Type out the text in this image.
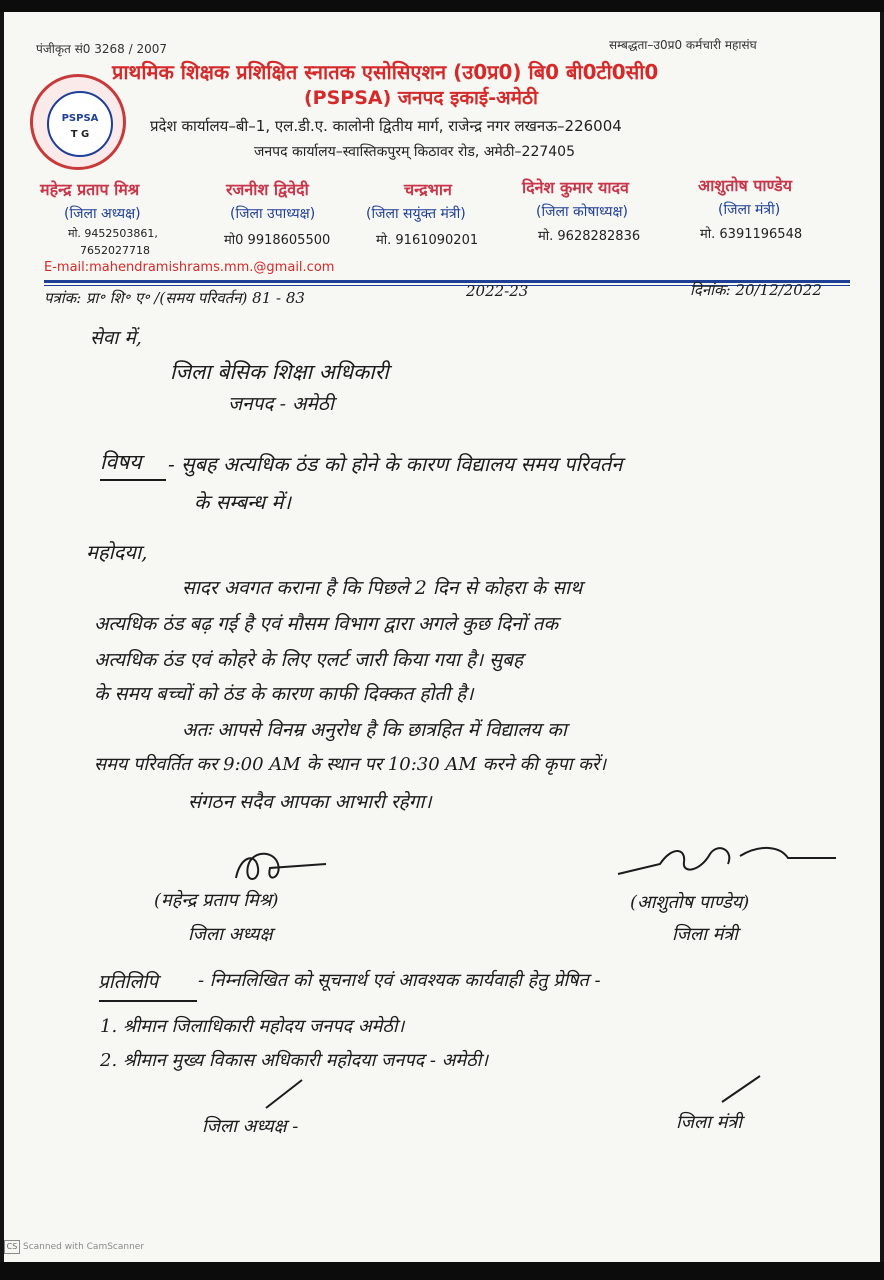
पंजीकृत सं0 3268 / 2007	सम्बद्धता–उ0प्र0 कर्मचारी महासंघ
प्राथमिक शिक्षक प्रशिक्षित स्नातक एसोसिएशन (उ0प्र0) बि0 बी0टी0सी0
(PSPSA) जनपद इकाई-अमेठी
PSPSA
T G	प्रदेश कार्यालय–बी–1, एल.डी.ए. कालोनी द्वितीय मार्ग, राजेन्द्र नगर लखनऊ–226004
जनपद कार्यालय–स्वास्तिकपुरम् किठावर रोड, अमेठी–227405
महेन्द्र प्रताप मिश्र
(जिला अध्यक्ष)
मो. 9452503861,
7652027718
रजनीश द्विवेदी
(जिला उपाध्यक्ष)
मो0 9918605500
चन्द्रभान
(जिला सयुंक्त मंत्री)
मो. 9161090201
दिनेश कुमार यादव
(जिला कोषाध्यक्ष)
मो. 9628282836
आशुतोष पाण्डेय
(जिला मंत्री)
मो. 6391196548
E-mail:mahendramishrams.mm.@gmail.com
पत्रांक: प्रा॰ शि॰ ए॰ /(समय परिवर्तन) 81 - 83	2022-23	दिनांक: 20/12/2022
सेवा में,
जिला बेसिक शिक्षा अधिकारी
जनपद - अमेठी
विषय - सुबह अत्यधिक ठंड को होने के कारण विद्यालय समय परिवर्तन
के सम्बन्ध में।
महोदया,
सादर अवगत कराना है कि पिछले 2 दिन से कोहरा के साथ
अत्यधिक ठंड बढ़ गई है एवं मौसम विभाग द्वारा अगले कुछ दिनों तक
अत्यधिक ठंड एवं कोहरे के लिए एलर्ट जारी किया गया है। सुबह
के समय बच्चों को ठंड के कारण काफी दिक्कत होती है।
अतः आपसे विनम्र अनुरोध है कि छात्रहित में विद्यालय का
समय परिवर्तित कर 9:00 AM के स्थान पर 10:30 AM करने की कृपा करें।
संगठन सदैव आपका आभारी रहेगा।
(महेन्द्र प्रताप मिश्र)
जिला अध्यक्ष
(आशुतोष पाण्डेय)
जिला मंत्री
प्रतिलिपि - निम्नलिखित को सूचनार्थ एवं आवश्यक कार्यवाही हेतु प्रेषित -
1. श्रीमान जिलाधिकारी महोदय जनपद अमेठी।
2. श्रीमान मुख्य विकास अधिकारी महोदया जनपद - अमेठी।
जिला अध्यक्ष -	जिला मंत्री
CS Scanned with CamScanner
